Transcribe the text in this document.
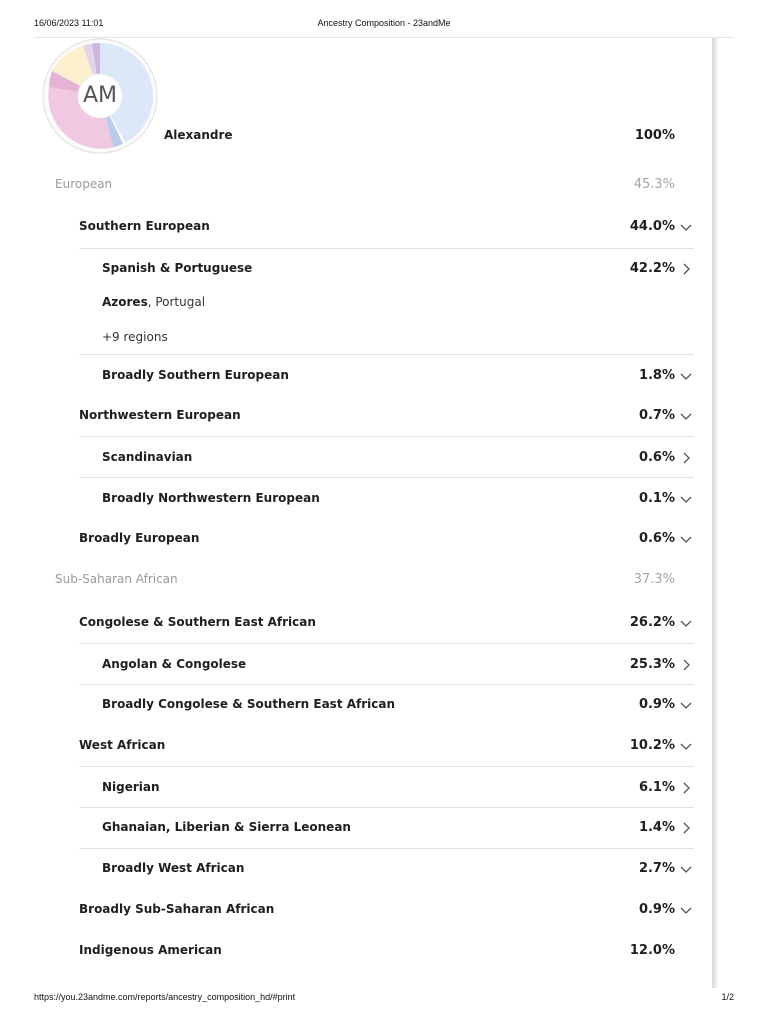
16/06/2023 11:01	Ancestry Composition - 23andMe
AM
Alexandre	100%
European	45.3%
Southern European	44.0%
Spanish & Portuguese	42.2%
Broadly Southern European	1.8%
Northwestern European	0.7%
Scandinavian	0.6%
Broadly Northwestern European	0.1%
Broadly European	0.6%
Sub-Saharan African	37.3%
Congolese & Southern East African	26.2%
Angolan & Congolese	25.3%
Broadly Congolese & Southern East African	0.9%
West African	10.2%
Nigerian	6.1%
Ghanaian, Liberian & Sierra Leonean	1.4%
Broadly West African	2.7%
Broadly Sub-Saharan African	0.9%
Indigenous American	12.0%
Azores, Portugal
+9 regions
https://you.23andme.com/reports/ancestry_composition_hd/#print	1/2
